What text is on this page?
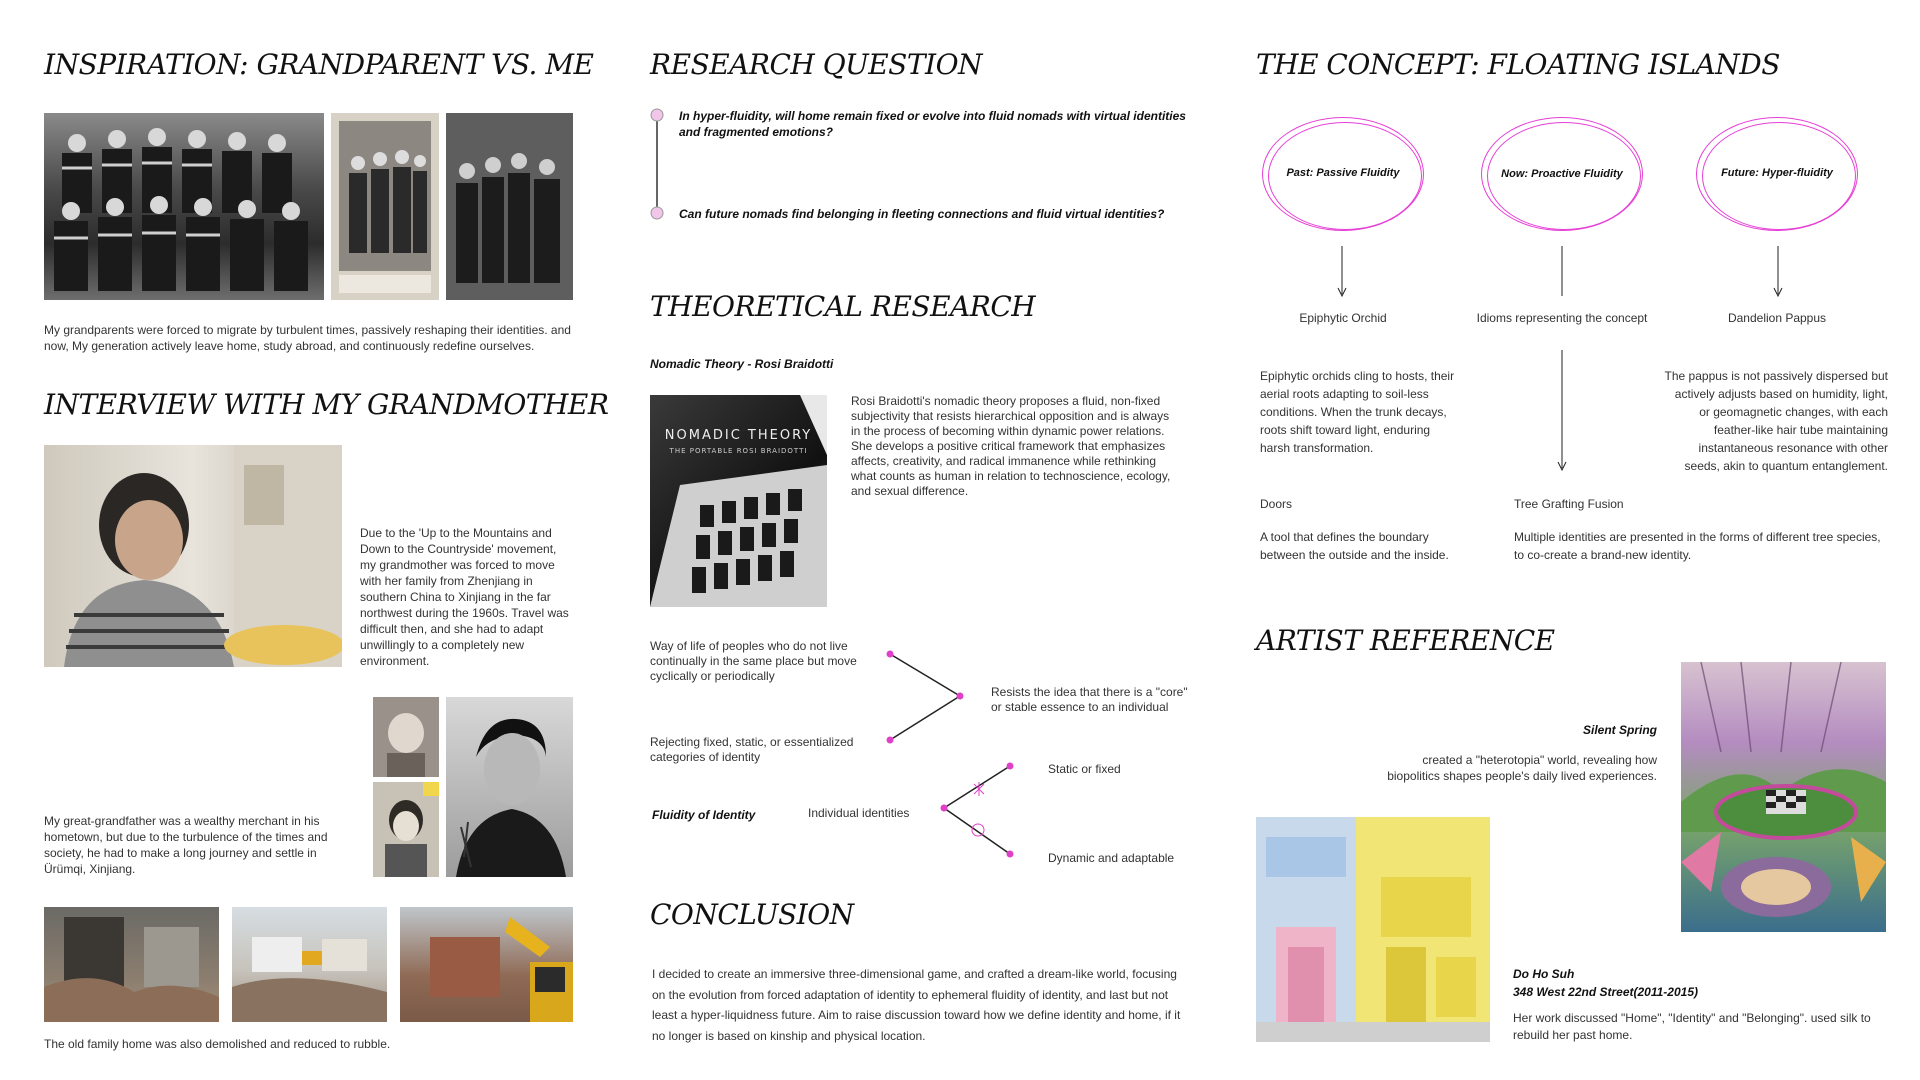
INSPIRATION: GRANDPARENT VS. ME
My grandparents were forced to migrate by turbulent times, passively reshaping their identities. and now, My generation actively leave home, study abroad, and continuously redefine ourselves.
INTERVIEW WITH MY GRANDMOTHER
Due to the 'Up to the Mountains and Down to the Countryside' movement, my grandmother was forced to move with her family from Zhenjiang in southern China to Xinjiang in the far northwest during the 1960s. Travel was difficult then, and she had to adapt unwillingly to a completely new environment.
My great-grandfather was a wealthy merchant in his hometown, but due to the turbulence of the times and society, he had to make a long journey and settle in Ürümqi, Xinjiang.
The old family home was also demolished and reduced to rubble.
RESEARCH QUESTION
In hyper-fluidity, will home remain fixed or evolve into fluid nomads with virtual identities and fragmented emotions?
Can future nomads find belonging in fleeting connections and fluid virtual identities?
THEORETICAL RESEARCH
Nomadic Theory - Rosi Braidotti
NOMADIC THEORY
THE PORTABLE ROSI BRAIDOTTI
Rosi Braidotti's nomadic theory proposes a fluid, non-fixed subjectivity that resists hierarchical opposition and is always in the process of becoming within dynamic power relations. She develops a positive critical framework that emphasizes affects, creativity, and radical immanence while rethinking what counts as human in relation to technoscience, ecology, and sexual difference.
Way of life of peoples who do not live continually in the same place but move cyclically or periodically
Rejecting fixed, static, or essentialized categories of identity
Resists the idea that there is a "core" or stable essence to an individual
Fluidity of Identity	Individual identities
Static or fixed
Dynamic and adaptable
CONCLUSION
I decided to create an immersive three-dimensional game, and crafted a dream-like world, focusing on the evolution from forced adaptation of identity to ephemeral fluidity of identity, and last but not least a hyper-liquidness future. Aim to raise discussion toward how we define identity and home, if it no longer is based on kinship and physical location.
THE CONCEPT: FLOATING ISLANDS
Past: Passive Fluidity	Now: Proactive Fluidity	Future: Hyper-fluidity
Epiphytic Orchid	Idioms representing the concept	Dandelion Pappus
Epiphytic orchids cling to hosts, their aerial roots adapting to soil-less conditions. When the trunk decays, roots shift toward light, enduring harsh transformation.
The pappus is not passively dispersed but actively adjusts based on humidity, light, or geomagnetic changes, with each feather-like hair tube maintaining instantaneous resonance with other seeds, akin to quantum entanglement.
Doors
A tool that defines the boundary between the outside and the inside.
Tree Grafting Fusion
Multiple identities are presented in the forms of different tree species, to co-create a brand-new identity.
ARTIST REFERENCE
Silent Spring
created a "heterotopia" world, revealing how biopolitics shapes people's daily lived experiences.
Do Ho Suh
348 West 22nd Street(2011-2015)
Her work discussed "Home", "Identity" and "Belonging". used silk to rebuild her past home.
